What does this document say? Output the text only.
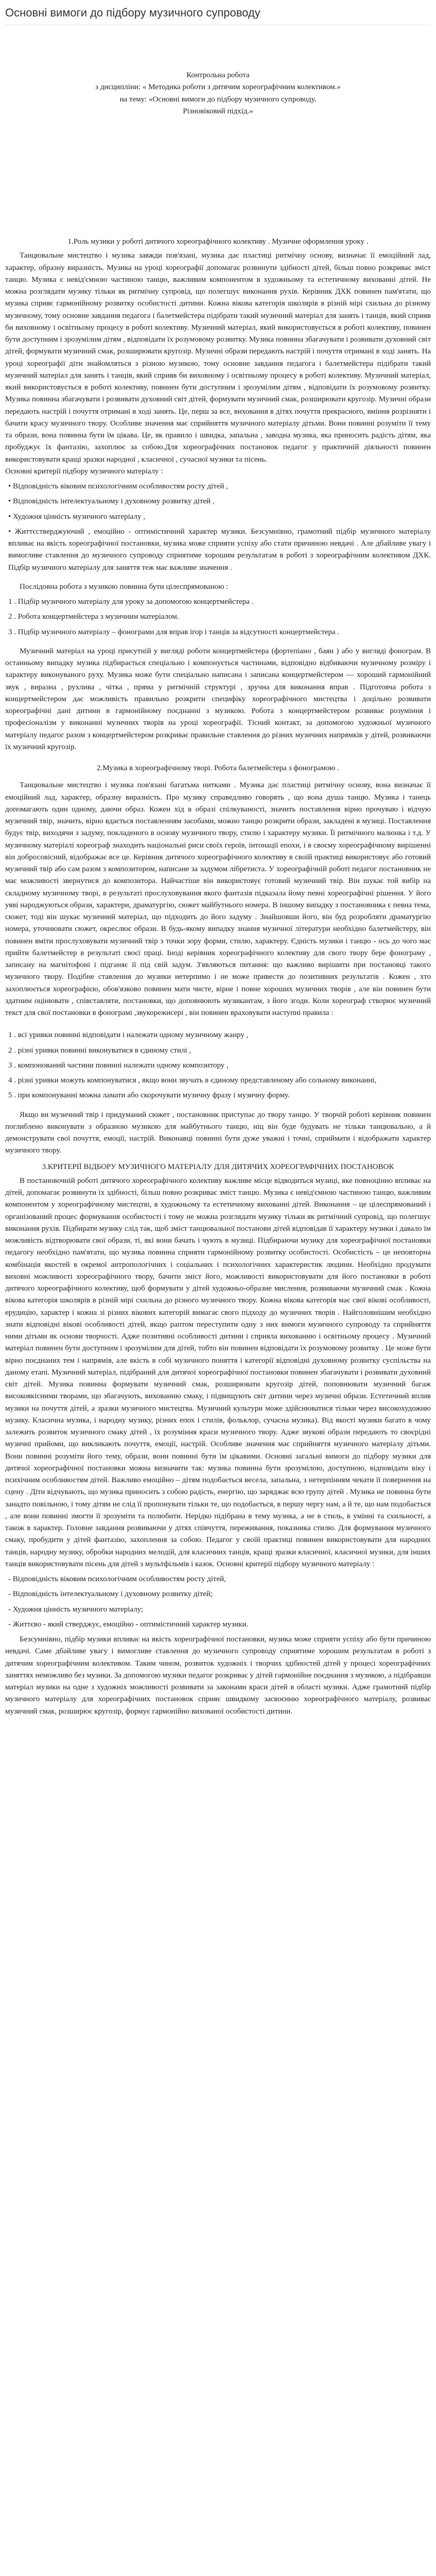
Основні вимоги до підбору музичного супроводу

Контрольна робота

з дисципліни: « Методика роботи з дитячим хореографічним колективом.»

на тему: «Основні вимоги до підбору музичного супроводу.

Різновіковий підхід.»

1.Роль музики у роботі дитячого хореографічного колективу . Музичне оформлення уроку .

Танцювальне мистецтво і музика завжди пов'язані, музика дає пластиці ритмічну основу, визначає її емоційний лад, характер, образну виразність. Музика на уроці хореографії допомагає розвинути здібності дітей, більш повно розкриває зміст танцю. Музика є невід'ємною частиною танцю, важливим компонентом в художньому та естетичному вихованні дітей. Не можна розглядати музику тільки як ритмічну супровід, що полегшує виконання рухів. Керівник ДХК повинен пам'ятати, що музика сприяє гармонійному розвитку особистості дитини. Кожна вікова категорія школярів в різній мірі схильна до різному музичному, тому основне завдання педагога і балетмейстера підібрати такий музичний матеріал для занять і танців, який сприяв би виховному і освітньому процесу в роботі колективу. Музичний матеріал, який використовується в роботі колективу, повинен бути доступним і зрозумілим дітям , відповідати їх розумовому розвитку. Музика повинна збагачувати і розвивати духовний світ дітей, формувати музичний смак, розширювати кругозір. Музичні образи передають настрій і почуття отримані в ході занять. На уроці хореографії діти знайомляться з різною музикою, тому основне завдання педагога і балетмейстера підібрати такий музичний матеріал для занять і танців, який сприяв би виховному і освітньому процесу в роботі колективу. Музичний матеріал, який використовується в роботі колективу, повинен бути доступним і зрозумілим дітям , відповідати їх розумовому розвитку. Музика повинна збагачувати і розвивати духовний світ дітей, формувати музичний смак, розширювати кругозір. Музичні образи передають настрій і почуття отримані в ході занять. Це, перш за все, виховання в дітях почуття прекрасного, вміння розрізняти і бачити красу музичного твору. Особливе значення має сприйняття музичного матеріалу дітьми. Вони повинні розуміти її тему та образи, вона повинна бути їм цікава. Це, як правило і швидка, запальна , заводна музика, яка приносить радість дітям, яка пробуджує їх фантазію, захоплює за собою.Для хореографічних постановок педагог у практичній діяльності повинен використовувати кращі зразки народної , класичної , сучасної музики та пісень.

Основні критерії підбору музичного матеріалу :

• Відповідність віковим психологічним особливостям росту дітей ,

• Відповідність інтелектуальному і духовному розвитку дітей ,

• Художня цінність музичного матеріалу ,

• Життєстверджуючий , емоційно - оптимістичний характер музики. Безсумнівно, грамотний підбір музичного матеріалу впливає на якість хореографічної постановки, музика може сприяти успіху або стати причиною невдачі . Але дбайливе увагу і вимогливе ставлення до музичного супроводу сприятиме хорошим результатам в роботі з хореографічним колективом ДХК. Підбір музичного матеріалу для заняття теж має важливе значення .

Послідовна робота з музикою повинна бути цілеспрямованою :

1 . Підбір музичного матеріалу для уроку за допомогою концертмейстера .

2 . Робота концертмейстера з музичним матеріалом.

3 . Підбір музичного матеріалу – фонограми для вправ ігор і танців за відсутності концертмейстера .

Музичний матеріал на уроці присутній у вигляді роботи концертмейстера (фортепіано , баян ) або у вигляді фонограм. В останньому випадку музика підбирається спеціально і компонується частинами, відповідно відбиваючи музичному розміру і характеру виконуваного руху. Музика може бути спеціально написана і записана концертмейстером — хороший гармонійний звук , виразна , рухлива , чітка , пряма у ритмічній структурі , зручна для виконання вправ . Підготовча робота з концертмейстером дає можливість правильно розкрити специфіку хореографічного мистецтва і доцільно розвивати хореографічні дані дитини в гармонійному поєднанні з музикою. Робота з концертмейстером розвиває розуміння і професіоналізм у виконанні музичних творів на уроці хореографії. Тісний контакт, за допомогою художньої музичного матеріалу педагог разом з концертмейстером розкриває правильне ставлення до різних музичних напрямків у дітей, розвиваючи їх музичний кругозір.

2.Музика в хореографічному творі. Робота балетмейстера з фонограмою .

Танцювальне мистецтво і музика пов'язані багатьма нитками . Музика дає пластиці ритмічну основу, вона визначає її емоційний лад, характер, образну виразність. Про музику справедливо говорять , що вона душа танцю. Музика і танець допомагають один одному, даючи образ. Кожен хід в образі спілкуваності, значить поставлення вірно прочуваю і відчую музичний твір, значить, вірно вдається поставленням засобами, можно танцю розкрити образи, закладені в музиці. Поставлення будує твір, виходячи з задуму, покладеного в основу музичного твору, стилю і характеру музики. Її ритмічного малюнка і т.д. У музичному матеріалі хореограф знаходить національні риси своїх героїв, інтонації епохи, і в своєму хореографічному вирішенні він добросовісний, відображає все це. Керівник дитячого хореографічного колективу в своїй практиці використовує або готовий музичний твір або сам разом з композитором, написане за задумом лібретиста. У хореографічній роботі педагог постановник не має можливості звернутися до композитора. Найчастіше він використовує готовий музичний твір. Він шукає той вибір на складному музичному творі, в результаті прослуховування якого фантазія підказала йому певні хореографічні рішення. У його уяві народжуються образи, характери, драматургію, сюжет майбутнього номера. В іншому випадку з постановника є певна тема, сюжет, тоді він шукає музичний матеріал, що підходить до його задуму . Знайшовши його, він буд розробляти драматургію номера, уточнювати сюжет, окреслює образи. В будь-якому випадку знання музичної літератури необхідно балетмейстеру, він повинен вміти прослуховувати музичний твір з точки зору форми, стилю, характеру. Єдність музики і танцю - ось до чого має прийти балетмейстер в результаті своєї праці. Іноді керівник хореографічного колективу для свого твору бере фонограму , записану на магнітофоні і підганяє її під свій задум. З'являються питання: що важливо вирішити при постановці такого музичного твору. Подібне ставлення до музики нетерпимо і не може привести до позитивних результатів . Кожен , хто захоплюється хореографією, обов'язково повинен мати чисте, вірне і повне хороших музичних творів , але він повинен бути здатним оцінювати , співставляти, постановки, що доповнюють музикантам, з його згоди. Коли хореограф створює музичний текст для свої постановки в фонограмі ,звукорежисері , він повинен враховувати наступні правила :

1 . всі уривки повинні відповідати і належати одному музичному жанру ,

2 . різні уривки повинні виконуватися в єдиному стилі ,

3 . компонований частини повинні належати одному композитору ,

4 . різні уривки можуть компонуватися , якщо вони звучать в єдиному представленому або сольному виконанні,

5 . при компонуванні можна ламати або скорочувати музичну фразу і музичну форму.

Якщо ви музичний твір і придуманий сюжет , постановник приступає до твору танцю. У творчій роботі керівник повинен поглиблено виконувати з образною музикою для майбутнього танцю, ніц він буде будувать не тільки танцювально, а й демонструвати свої почуття, емоції, настрій. Виконавці повинні бути дуже уважні і точні, сприймати і відображати характер музичного твору.

3.КРИТЕРІЇ ВІДБОРУ МУЗИЧНОГО МАТЕРІАЛУ ДЛЯ ДИТЯЧИХ ХОРЕОГРАФІЧНИХ ПОСТАНОВОК

В постановочній роботі дитячого хореографічного колективу важливе місце відводиться музиці, яке повноцінно впливає на дітей, допомагає розвинути їх здібності, більш повно розкриває зміст танцю. Музика є невід'ємною частиною танцю, важливим компонентом у хореографічному мистецтві, в художньому та естетичному вихованні дітей. Виконання – це цілеспрямований і організований процес формування особистості і тому не можна розглядати музику тільки як ритмічний супровід, що полегшує виконання рухів. Підбирати музику слід так, щоб зміст танцювальної постанови дітей відповідав її характеру музики і давало їм можливість відтворювати свої образи, ті, які вони бачать і чують в музиці. Підбираючи музику для хореографічної постановки педагогу необхідно пам'ятати, що музика повинна сприяти гармонійному розвитку особистості. Особистість – це неповторна комбінація якостей в окремої антропологічних і соціальних і психологічних характеристик людини. Необхідно продумати виховні можливості хореографічного твору, бачити зміст його, можливості використовувати для його постановки в роботі дитячого хореографічного колективу, щоб формувати у дітей художньо-образне мислення, розвиваючи музичний смак . Кожна вікова категорія школярів в різній мірі схильна до різного музичного твору. Кожна вікова категорія має свої вікові особливості, ерудицію, характер і кожна зі різних вікових категорій вимагає свого підходу до музичних творів . Найголовнішим необхідно знати відповідні вікові особливості дітей, якщо раптом переступити одну з них вимоги музичного супроводу та сприйняття ними дітьми як основи творчості. Адже позитивні особливості дитини і сприяла вихованню і освітньому процесу . Музичний матеріал повинен бути доступним і зрозумілим для дітей, тобто він повинен відповідати їх розумовому розвитку . Це може бути вірно поєднаних тем і напрямів, але якість в собі музичного поняття і категорії відповідні духовному розвитку суспільства на даному етапі. Музичний матеріал, підібраний для дитячої хореографічної постановки повинен збагачувати і розвивати духовний світ дітей. Музика повинна формувати музичний смак, розширювати кругозір дітей, поповнювати музичний багаж високоякісними творами, що збагачують, вихованню смаку, і підвищують світ дитини через музичні образи. Естетичний вплив музики на почуття дітей, а зразки музичного мистецтва. Музичний культури може здійснюватися тільки через високохудожню музику. Класична музика, і народну музику, різних епох і стилів, фольклор, сучасна музика). Від якості музики багато в чому залежить розвиток музичного смаку дітей , їх розуміння краси музичного твору. Адже звукові образи передають то своєрідні музичні прийоми, що викликають почуття, емоції, настрій. Особливе значення має сприйняття музичного матеріалу дітьми. Вони повинні розуміти його тему, образи, вони повинні бути їм цікавими. Основні загальні вимоги до підбору музики для дитячої хореографічної постановки можна визначити так: музика повинна бути зрозумілою, доступною, відповідати віку і психічним особливостям дітей. Важливо емоційно – дітям подобається весела, запальна, з нетерпінням чекати її повернення на сцену . Діти відчувають, що музика приносить з собою радість, енергію, що заряджає всю групу дітей . Музика не повинна бути занадто повільною, і тому дітям не слід її пропонувати тільки те, що подобається, в першу чергу нам, а й те, що нам подобається , але вони повинні змогти її зрозуміти та полюбити. Нерідко підібрана в тему музика, а не в стиль, в умінні та схильності, а також в характер. Головне завдання розвиваючи у дітях співчуття, переживання, показника стилю. Для формування музичного смаку, пробудити у дітей фантазію, захоплення за собою. Педагог у своїй практиці повинен використовувати для народних танців, народну музику, обробки народних мелодій, для класичних танців, кращі зразки класичної, класичної музики, для інших танців використовувати пісень для дітей з мультфільмів і казок. Основні критерії підбору музичного матеріалу :

- Відповідність віковим психологічним особливостям росту дітей,

- Відповідність інтелектуальному і духовному розвитку дітей;

- Художня цінність музичного матеріалу;

- Життєво - який стверджує, емоційно - оптимістичний характер музики.

Безсумнівно, підбір музики впливає на якість хореографічної постановки, музика може сприяти успіху або бути причиною невдачі. Саме дбайливе увагу і вимогливе ставлення до музичного супроводу сприятиме хорошим результатам в роботі з дитячим хореографічним колективом. Таким чином, розвиток художніх і творчих здібностей дітей у процесі хореографічних заняттях неможливо без музики. За допомогою музики педагог розкриває у дітей гармонійне поєднання з музикою, а підібравши матеріал музики на одне з художніх можливості розвивати за законами краси дітей в області музики. Адже грамотний підбір музичного матеріалу для хореографічних постановок сприяє швидкому засвоєнню хореографічного матеріалу, розвиває музичний смак, розширює кругозір, формує гармонійно вихованої особистості дитини.
